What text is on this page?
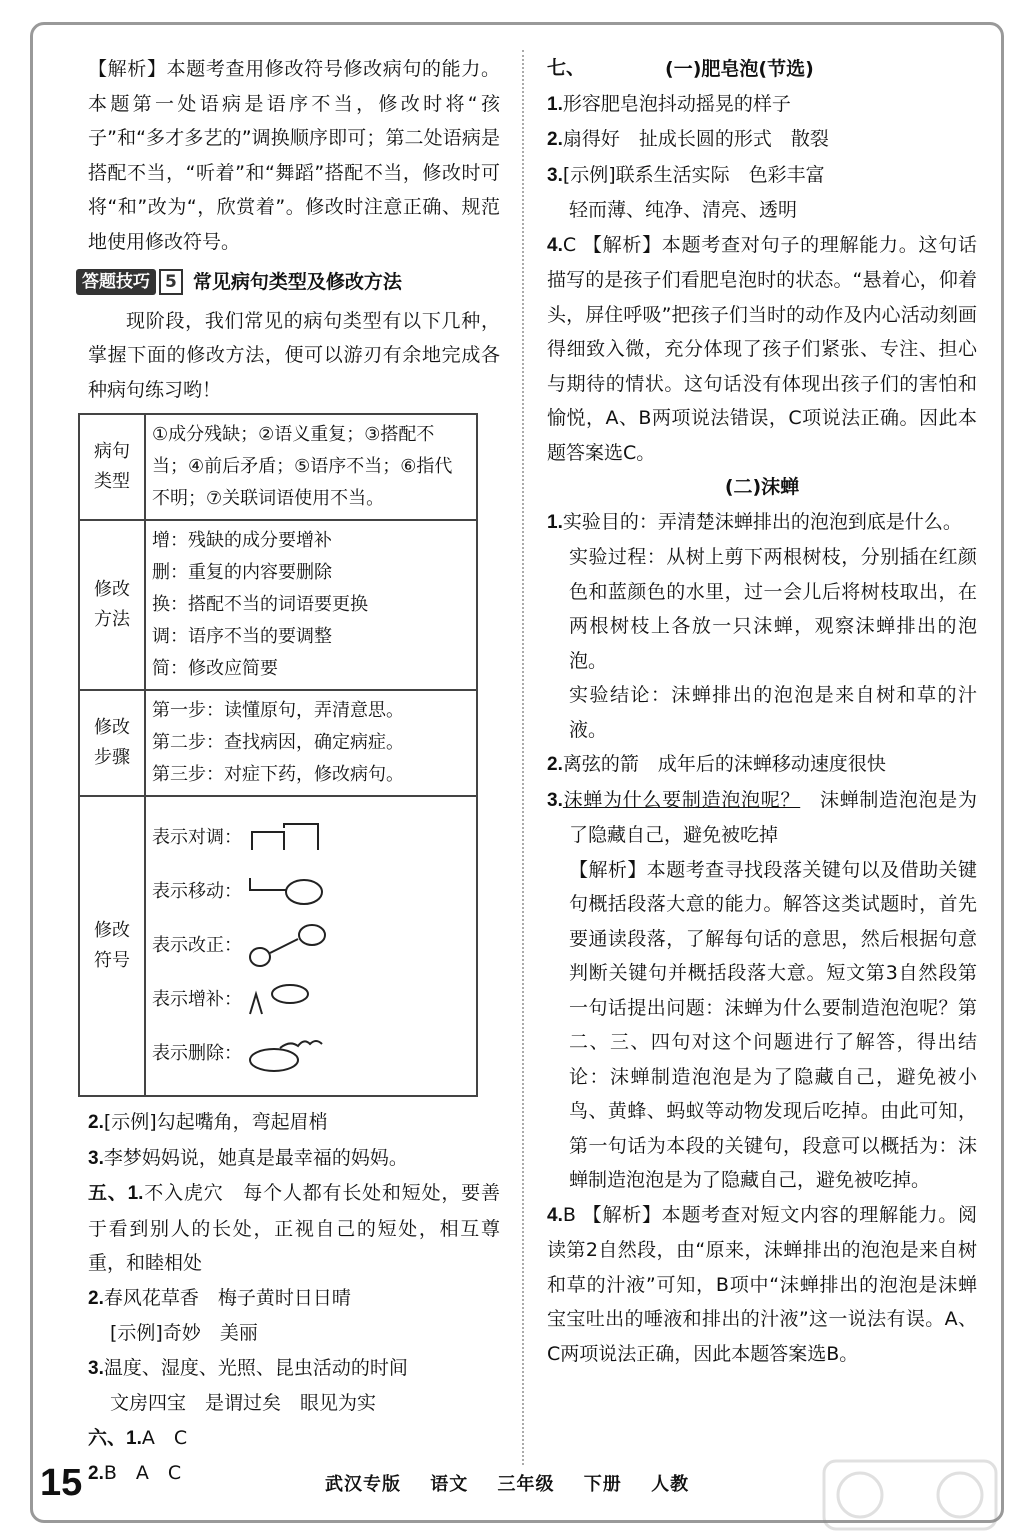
【解析】本题考查用修改符号修改病句的能力。本题第一处语病是语序不当，修改时将“孩子”和“多才多艺的”调换顺序即可；第二处语病是搭配不当，“听着”和“舞蹈”搭配不当，修改时可将“和”改为“，欣赏着”。修改时注意正确、规范地使用修改符号。

答题技巧 5 常见病句类型及修改方法

现阶段，我们常见的病句类型有以下几种，掌握下面的修改方法，便可以游刃有余地完成各种病句练习哟！

病句类型	①成分残缺；②语义重复；③搭配不当；④前后矛盾；⑤语序不当；⑥指代不明；⑦关联词语使用不当。
修改方法	增：残缺的成分要增补
删：重复的内容要删除
换：搭配不当的词语要更换
调：语序不当的要调整
简：修改应简要

修改步骤	第一步：读懂原句，弄清意思。
第二步：查找病因，确定病症。
第三步：对症下药，修改病句。

修改符号	表示对调：
表示移动：
表示改正：
表示增补：
表示删除：

2.[示例]勾起嘴角，弯起眉梢

3.李梦妈妈说，她真是最幸福的妈妈。

五、1.不入虎穴　每个人都有长处和短处，要善于看到别人的长处，正视自己的短处，相互尊重，和睦相处

2.春风花草香　梅子黄时日日晴

[示例]奇妙　美丽

3.温度、湿度、光照、昆虫活动的时间

文房四宝　是谓过矣　眼见为实

六、1.A　C

2.B　A　C

七、	(一)肥皂泡(节选)

1.形容肥皂泡抖动摇晃的样子

2.扇得好　扯成长圆的形式　散裂

3.[示例]联系生活实际　色彩丰富

轻而薄、纯净、清亮、透明

4.C 【解析】本题考查对句子的理解能力。这句话描写的是孩子们看肥皂泡时的状态。“悬着心，仰着头，屏住呼吸”把孩子们当时的动作及内心活动刻画得细致入微，充分体现了孩子们紧张、专注、担心与期待的情状。这句话没有体现出孩子们的害怕和愉悦，A、B两项说法错误，C项说法正确。因此本题答案选C。

(二)沫蝉

1.实验目的：弄清楚沫蝉排出的泡泡到底是什么。

实验过程：从树上剪下两根树枝，分别插在红颜色和蓝颜色的水里，过一会儿后将树枝取出，在两根树枝上各放一只沫蝉，观察沫蝉排出的泡泡。

实验结论：沫蝉排出的泡泡是来自树和草的汁液。

2.离弦的箭　成年后的沫蝉移动速度很快

3.沫蝉为什么要制造泡泡呢？　沫蝉制造泡泡是为了隐藏自己，避免被吃掉

【解析】本题考查寻找段落关键句以及借助关键句概括段落大意的能力。解答这类试题时，首先要通读段落，了解每句话的意思，然后根据句意判断关键句并概括段落大意。短文第3自然段第一句话提出问题：沫蝉为什么要制造泡泡呢？第二、三、四句对这个问题进行了解答，得出结论：沫蝉制造泡泡是为了隐藏自己，避免被小鸟、黄蜂、蚂蚁等动物发现后吃掉。由此可知，第一句话为本段的关键句，段意可以概括为：沫蝉制造泡泡是为了隐藏自己，避免被吃掉。

4.B 【解析】本题考查对短文内容的理解能力。阅读第2自然段，由“原来，沫蝉排出的泡泡是来自树和草的汁液”可知，B项中“沫蝉排出的泡泡是沫蝉宝宝吐出的唾液和排出的汁液”这一说法有误。A、C两项说法正确，因此本题答案选B。

15	武汉专版 语文 三年级 下册 人教
